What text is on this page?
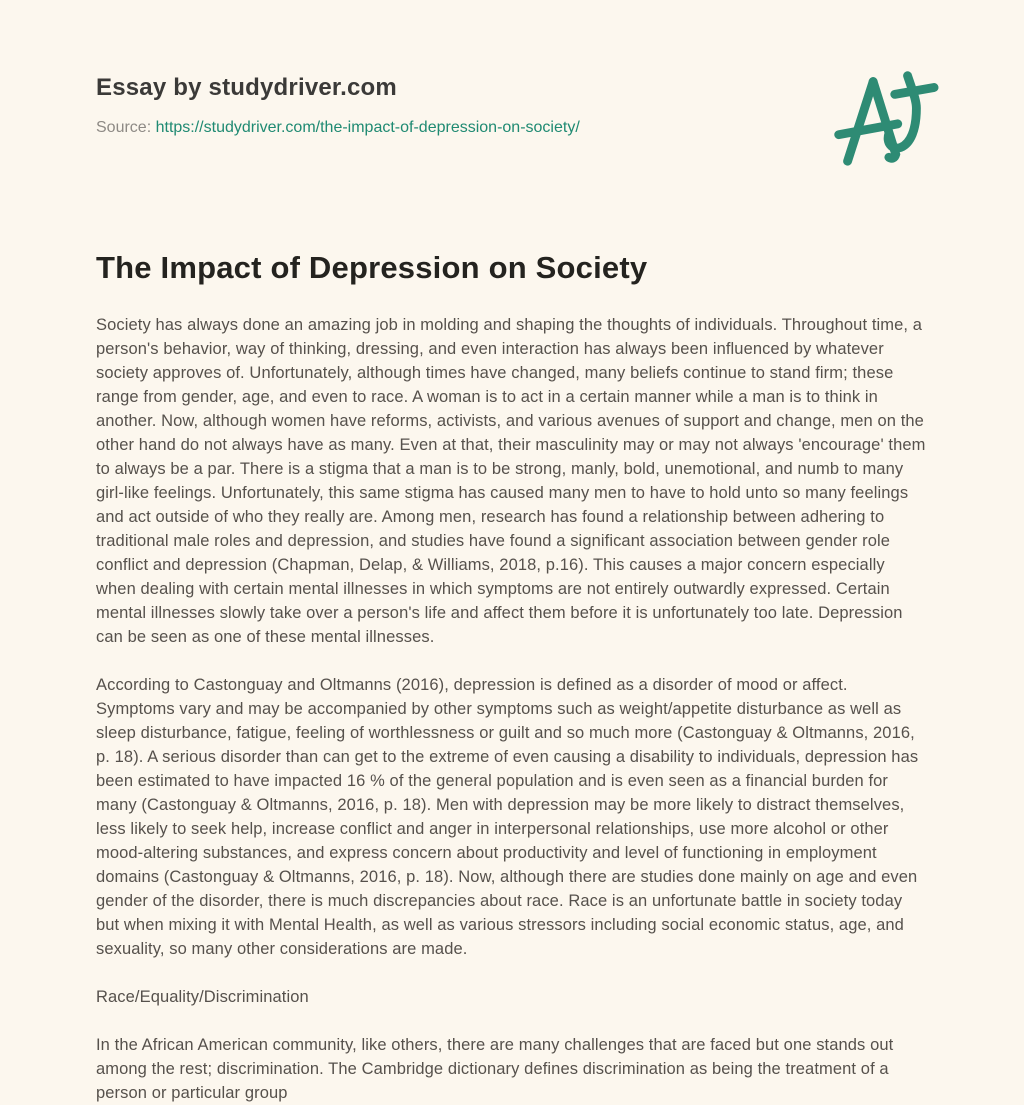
Essay by studydriver.com

Source: https://studydriver.com/the-impact-of-depression-on-society/

The Impact of Depression on Society

Society has always done an amazing job in molding and shaping the thoughts of individuals. Throughout time, a person's behavior, way of thinking, dressing, and even interaction has always been influenced by whatever society approves of. Unfortunately, although times have changed, many beliefs continue to stand firm; these range from gender, age, and even to race. A woman is to act in a certain manner while a man is to think in another. Now, although women have reforms, activists, and various avenues of support and change, men on the other hand do not always have as many. Even at that, their masculinity may or may not always 'encourage' them to always be a par. There is a stigma that a man is to be strong, manly, bold, unemotional, and numb to many girl-like feelings. Unfortunately, this same stigma has caused many men to have to hold unto so many feelings and act outside of who they really are. Among men, research has found a relationship between adhering to traditional male roles and depression, and studies have found a significant association between gender role conflict and depression (Chapman, Delap, & Williams, 2018, p.16). This causes a major concern especially when dealing with certain mental illnesses in which symptoms are not entirely outwardly expressed. Certain mental illnesses slowly take over a person's life and affect them before it is unfortunately too late. Depression can be seen as one of these mental illnesses.

According to Castonguay and Oltmanns (2016), depression is defined as a disorder of mood or affect. Symptoms vary and may be accompanied by other symptoms such as weight/appetite disturbance as well as sleep disturbance, fatigue, feeling of worthlessness or guilt and so much more (Castonguay & Oltmanns, 2016, p. 18). A serious disorder than can get to the extreme of even causing a disability to individuals, depression has been estimated to have impacted 16 % of the general population and is even seen as a financial burden for many (Castonguay & Oltmanns, 2016, p. 18). Men with depression may be more likely to distract themselves, less likely to seek help, increase conflict and anger in interpersonal relationships, use more alcohol or other mood-altering substances, and express concern about productivity and level of functioning in employment domains (Castonguay & Oltmanns, 2016, p. 18). Now, although there are studies done mainly on age and even gender of the disorder, there is much discrepancies about race. Race is an unfortunate battle in society today but when mixing it with Mental Health, as well as various stressors including social economic status, age, and sexuality, so many other considerations are made.

Race/Equality/Discrimination

In the African American community, like others, there are many challenges that are faced but one stands out among the rest; discrimination. The Cambridge dictionary defines discrimination as being the treatment of a person or particular group
